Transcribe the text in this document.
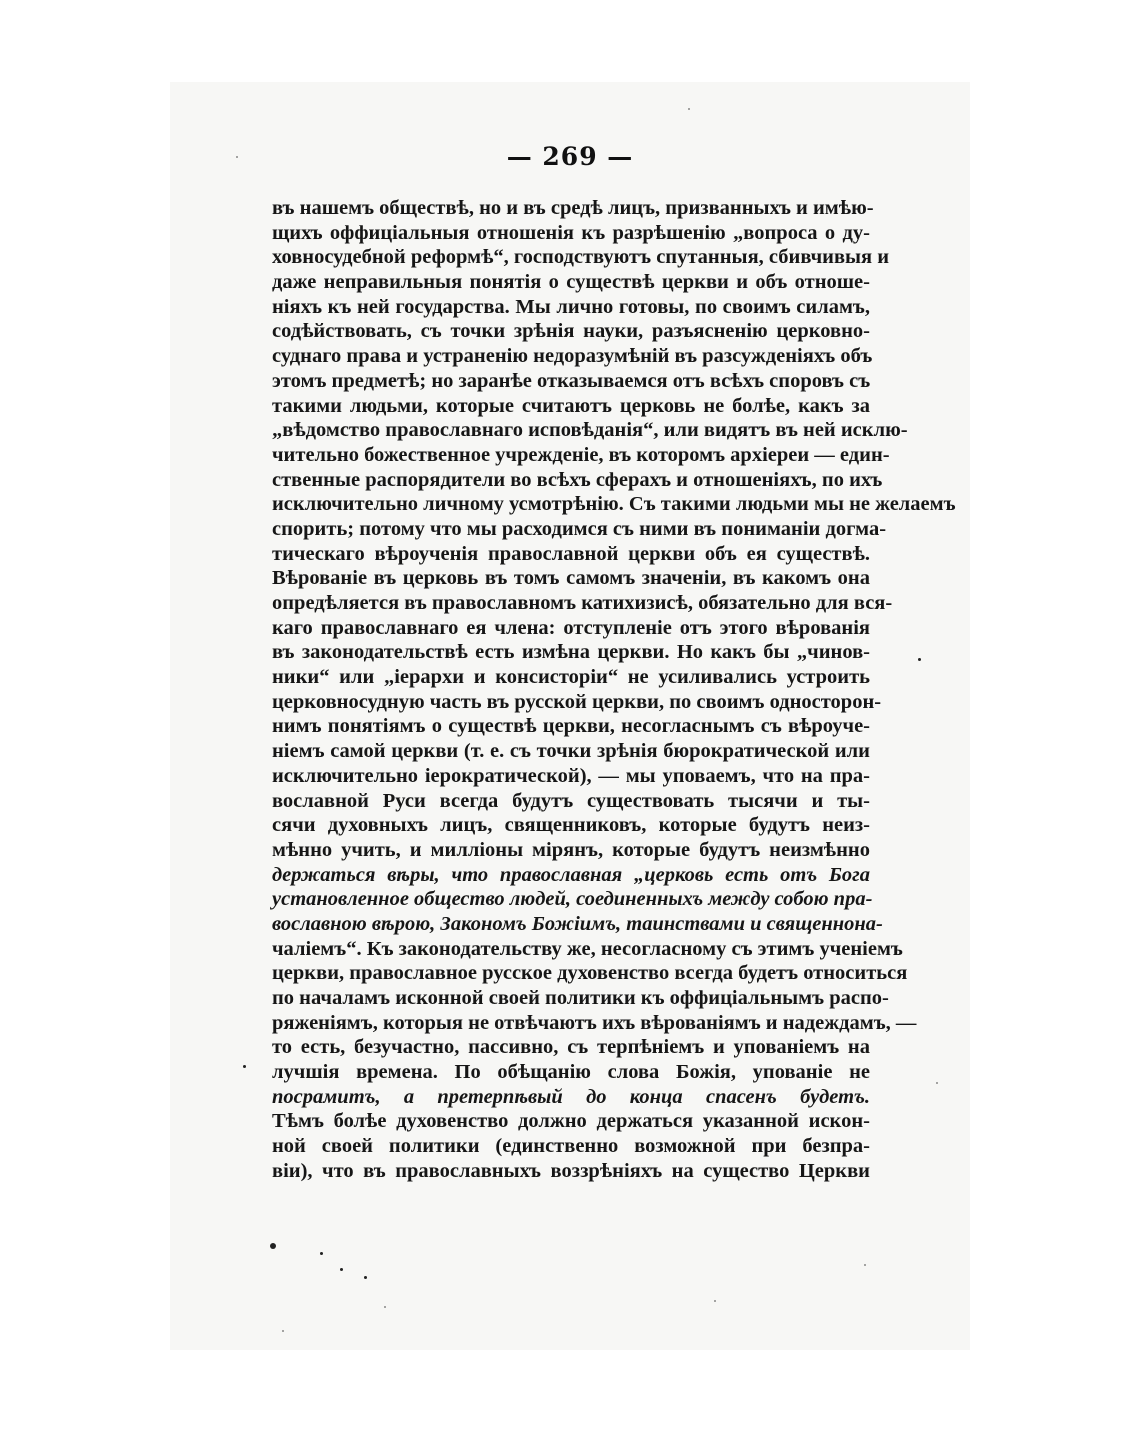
— 269 —
въ нашемъ обществѣ, но и въ средѣ лицъ, призванныхъ и имѣю-
щихъ оффиціальныя отношенія къ разрѣшенію „вопроса о ду-
ховносудебной реформѣ“, господствуютъ спутанныя, сбивчивыя и
даже неправильныя понятія о существѣ церкви и объ отноше-
ніяхъ къ ней государства. Мы лично готовы, по своимъ силамъ,
содѣйствовать, съ точки зрѣнія науки, разъясненію церковно-
суднаго права и устраненію недоразумѣній въ разсужденіяхъ объ
этомъ предметѣ; но заранѣе отказываемся отъ всѣхъ споровъ съ
такими людьми, которые считаютъ церковь не болѣе, какъ за
„вѣдомство православнаго исповѣданія“, или видятъ въ ней исклю-
чительно божественное учрежденіе, въ которомъ архіереи — един-
ственные распорядители во всѣхъ сферахъ и отношеніяхъ, по ихъ
исключительно личному усмотрѣнію. Съ такими людьми мы не желаемъ
спорить; потому что мы расходимся съ ними въ пониманіи догма-
тическаго вѣроученія православной церкви объ ея существѣ.
Вѣрованіе въ церковь въ томъ самомъ значеніи, въ какомъ она
опредѣляется въ православномъ катихизисѣ, обязательно для вся-
каго православнаго ея члена: отступленіе отъ этого вѣрованія
въ законодательствѣ есть измѣна церкви. Но какъ бы „чинов-
ники“ или „іерархи и консисторіи“ не усиливались устроить
церковносудную часть въ русской церкви, по своимъ односторон-
нимъ понятіямъ о существѣ церкви, несогласнымъ съ вѣроуче-
ніемъ самой церкви (т. е. съ точки зрѣнія бюрократической или
исключительно іерократической), — мы уповаемъ, что на пра-
вославной Руси всегда будутъ существовать тысячи и ты-
сячи духовныхъ лицъ, священниковъ, которые будутъ неиз-
мѣнно учить, и милліоны мірянъ, которые будутъ неизмѣнно
держаться вѣры, что православная „церковь есть отъ Бога
установленное общество людей, соединенныхъ между собою пра-
вославною вѣрою, Закономъ Божіимъ, таинствами и священнона-
чаліемъ“. Къ законодательству же, несогласному съ этимъ ученіемъ
церкви, православное русское духовенство всегда будетъ относиться
по началамъ исконной своей политики къ оффиціальнымъ распо-
ряженіямъ, которыя не отвѣчаютъ ихъ вѣрованіямъ и надеждамъ, —
то есть, безучастно, пассивно, съ терпѣніемъ и упованіемъ на
лучшія времена. По обѣщанію слова Божія, упованіе не
посрамитъ, а претерпѣвый до конца спасенъ будетъ.
Тѣмъ болѣе духовенство должно держаться указанной искон-
ной своей политики (единственно возможной при безпра-
віи), что въ православныхъ воззрѣніяхъ на существо Церкви
